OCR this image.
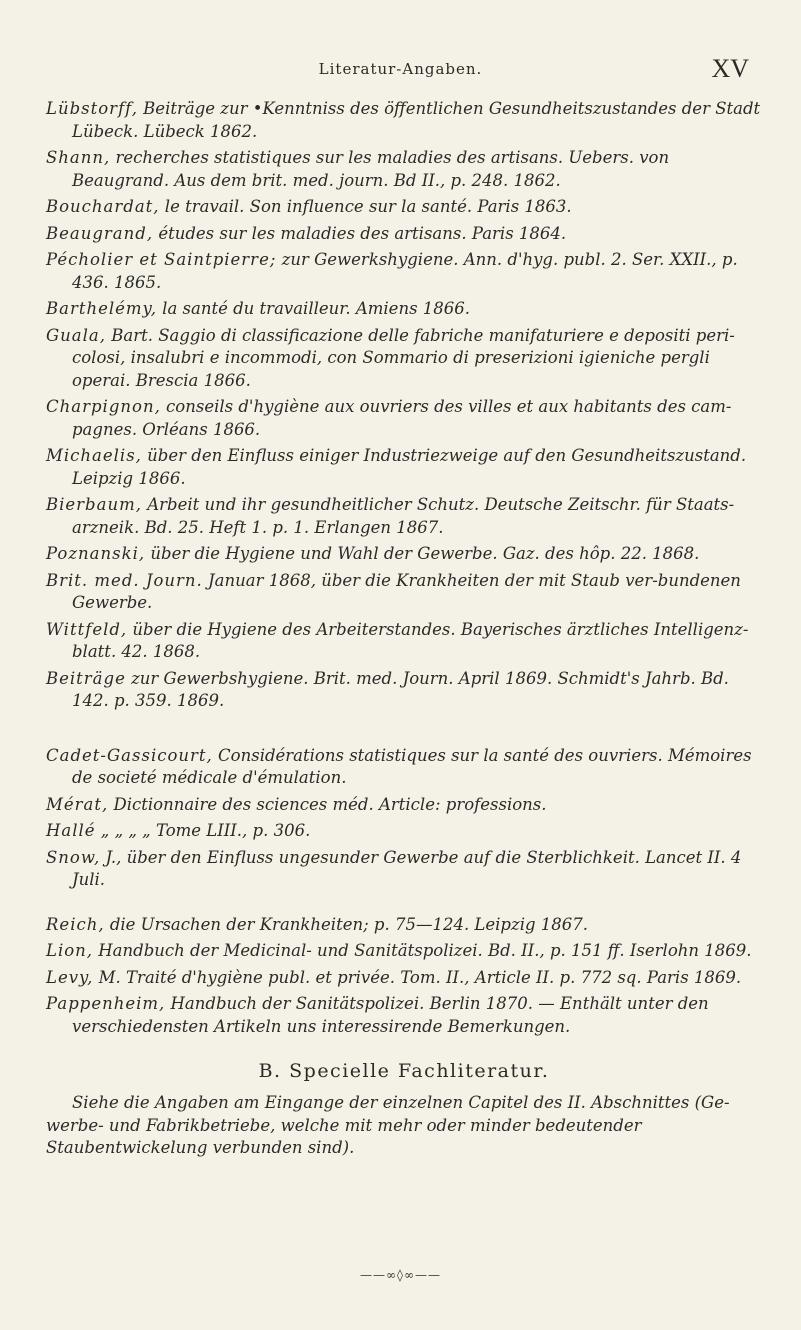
Literatur-Angaben.	XV

Lübstorff, Beiträge zur •Kenntniss des öffentlichen Gesundheitszustandes der Stadt Lübeck. Lübeck 1862.

Shann, recherches statistiques sur les maladies des artisans. Uebers. von Beaugrand. Aus dem brit. med. journ. Bd II., p. 248. 1862.

Bouchardat, le travail. Son influence sur la santé. Paris 1863.

Beaugrand, études sur les maladies des artisans. Paris 1864.

Pécholier et Saintpierre; zur Gewerkshygiene. Ann. d'hyg. publ. 2. Ser. XXII., p. 436. 1865.

Barthelémy, la santé du travailleur. Amiens 1866.

Guala, Bart. Saggio di classificazione delle fabriche manifaturiere e depositi peri-colosi, insalubri e incommodi, con Sommario di preserizioni igieniche pergli operai. Brescia 1866.

Charpignon, conseils d'hygiène aux ouvriers des villes et aux habitants des cam-pagnes. Orléans 1866.

Michaelis, über den Einfluss einiger Industriezweige auf den Gesundheitszustand. Leipzig 1866.

Bierbaum, Arbeit und ihr gesundheitlicher Schutz. Deutsche Zeitschr. für Staats-arzneik. Bd. 25. Heft 1. p. 1. Erlangen 1867.

Poznanski, über die Hygiene und Wahl der Gewerbe. Gaz. des hôp. 22. 1868.

Brit. med. Journ. Januar 1868, über die Krankheiten der mit Staub ver-bundenen Gewerbe.

Wittfeld, über die Hygiene des Arbeiterstandes. Bayerisches ärztliches Intelligenz-blatt. 42. 1868.

Beiträge zur Gewerbshygiene. Brit. med. Journ. April 1869. Schmidt's Jahrb. Bd. 142. p. 359. 1869.

Cadet-Gassicourt, Considérations statistiques sur la santé des ouvriers. Mémoires de societé médicale d'émulation.

Mérat, Dictionnaire des sciences méd. Article: professions.

Hallé „ „ „ „ Tome LIII., p. 306.

Snow, J., über den Einfluss ungesunder Gewerbe auf die Sterblichkeit. Lancet II. 4 Juli.

Reich, die Ursachen der Krankheiten; p. 75—124. Leipzig 1867.

Lion, Handbuch der Medicinal- und Sanitätspolizei. Bd. II., p. 151 ff. Iserlohn 1869.

Levy, M. Traité d'hygiène publ. et privée. Tom. II., Article II. p. 772 sq. Paris 1869.

Pappenheim, Handbuch der Sanitätspolizei. Berlin 1870. — Enthält unter den verschiedensten Artikeln uns interessirende Bemerkungen.

B. Specielle Fachliteratur.

Siehe die Angaben am Eingange der einzelnen Capitel des II. Abschnittes (Ge-werbe- und Fabrikbetriebe, welche mit mehr oder minder bedeutender Staubentwickelung verbunden sind).

——∞◊∞——
